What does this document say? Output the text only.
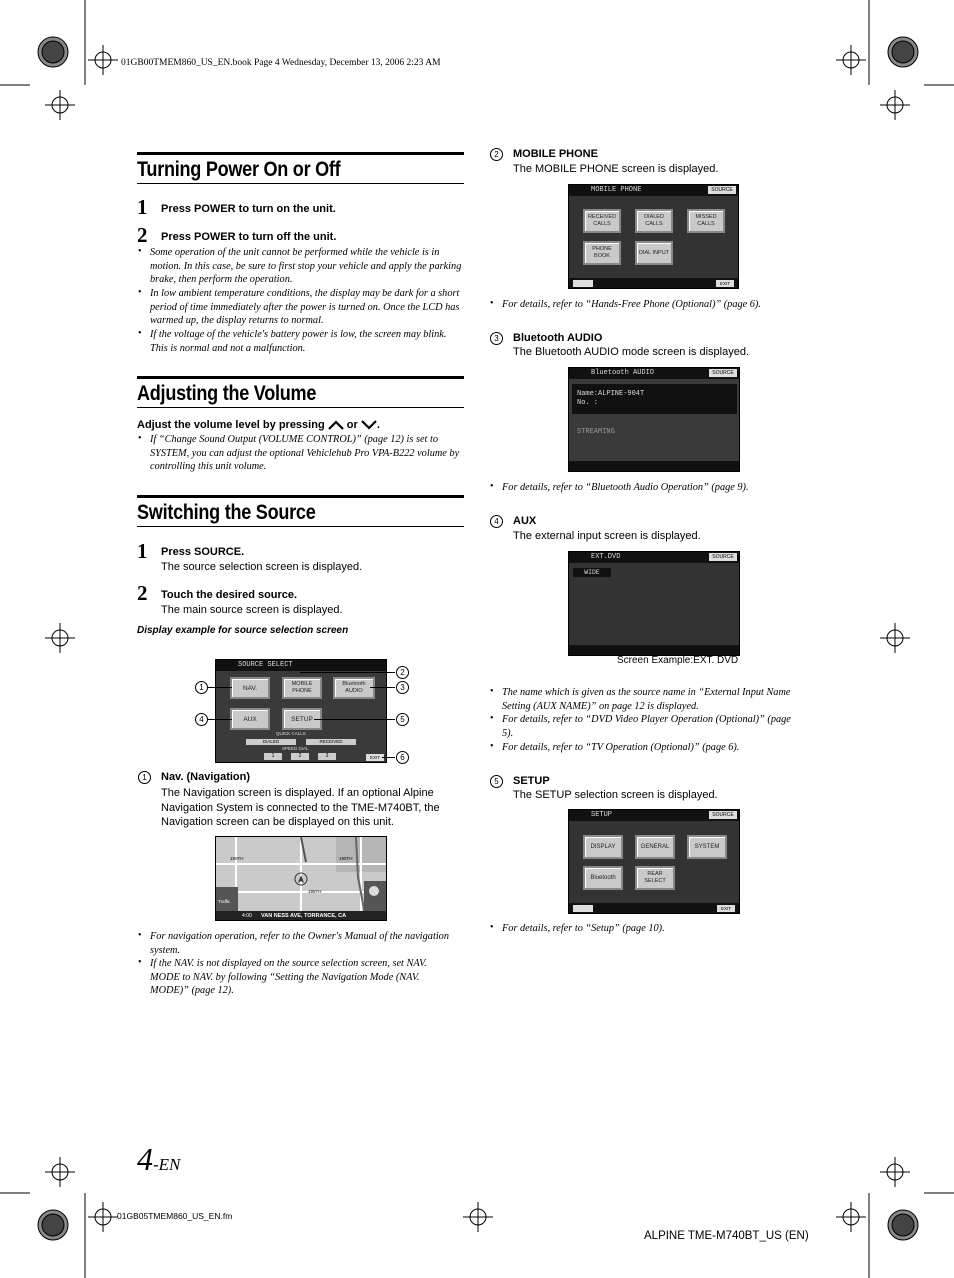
01GB00TMEM860_US_EN.book Page 4 Wednesday, December 13, 2006 2:23 AM
Turning Power On or Off
1 Press POWER to turn on the unit.
2 Press POWER to turn off the unit.
• Some operation of the unit cannot be performed while the vehicle is in motion. In this case, be sure to first stop your vehicle and apply the parking brake, then perform the operation.
• In low ambient temperature conditions, the display may be dark for a short period of time immediately after the power is turned on. Once the LCD has warmed up, the display returns to normal.
• If the voltage of the vehicle's battery power is low, the screen may blink. This is normal and not a malfunction.
Adjusting the Volume
Adjust the volume level by pressing or .
• If “Change Sound Output (VOLUME CONTROL)” (page 12) is set to SYSTEM, you can adjust the optional Vehiclehub Pro VPA-B222 volume by controlling this unit volume.
Switching the Source
1 Press SOURCE.
The source selection screen is displayed.
2 Touch the desired source.
The main source screen is displayed.
Display example for source selection screen
SOURCE SELECT
NAV.
MOBILE PHONE
Bluetooth AUDIO
AUX	SETUP
QUICK CALLS
DIALED	RECEIVED
SPEED DIAL
1	2	3	EXIT
1
2
3
4	5
6
1	Nav. (Navigation)
The Navigation screen is displayed. If an optional Alpine Navigation System is connected to the TME-M740BT, the Navigation screen can be displayed on this unit.
190TH	190TH
195TH
Traffic
4:00 VAN NESS AVE, TORRANCE, CA
• For navigation operation, refer to the Owner's Manual of the navigation system.
• If the NAV. is not displayed on the source selection screen, set NAV. MODE to NAV. by following “Setting the Navigation Mode (NAV. MODE)” (page 12).
2	MOBILE PHONE
The MOBILE PHONE screen is displayed.
MOBILE PHONE	SOURCE
RECEIVED CALLS
DIALED CALLS
MISSED CALLS
PHONE BOOK
DIAL INPUT
EXIT
• For details, refer to “Hands-Free Phone (Optional)” (page 6).
3	Bluetooth AUDIO
The Bluetooth AUDIO mode screen is displayed.
Bluetooth AUDIO	SOURCE
Name:ALPINE-904T
No. :
STREAMING
• For details, refer to “Bluetooth Audio Operation” (page 9).
4	AUX
The external input screen is displayed.
EXT.DVD	SOURCE
WIDE
Screen Example:EXT. DVD
• The name which is given as the source name in “External Input Name Setting (AUX NAME)” on page 12 is displayed.
• For details, refer to “DVD Video Player Operation (Optional)” (page 5).
• For details, refer to “TV Operation (Optional)” (page 6).
5	SETUP
The SETUP selection screen is displayed.
SETUP	SOURCE
DISPLAY	GENERAL	SYSTEM
Bluetooth
REAR SELECT
EXIT
• For details, refer to “Setup” (page 10).
4-EN
01GB05TMEM860_US_EN.fm
ALPINE TME-M740BT_US (EN)
